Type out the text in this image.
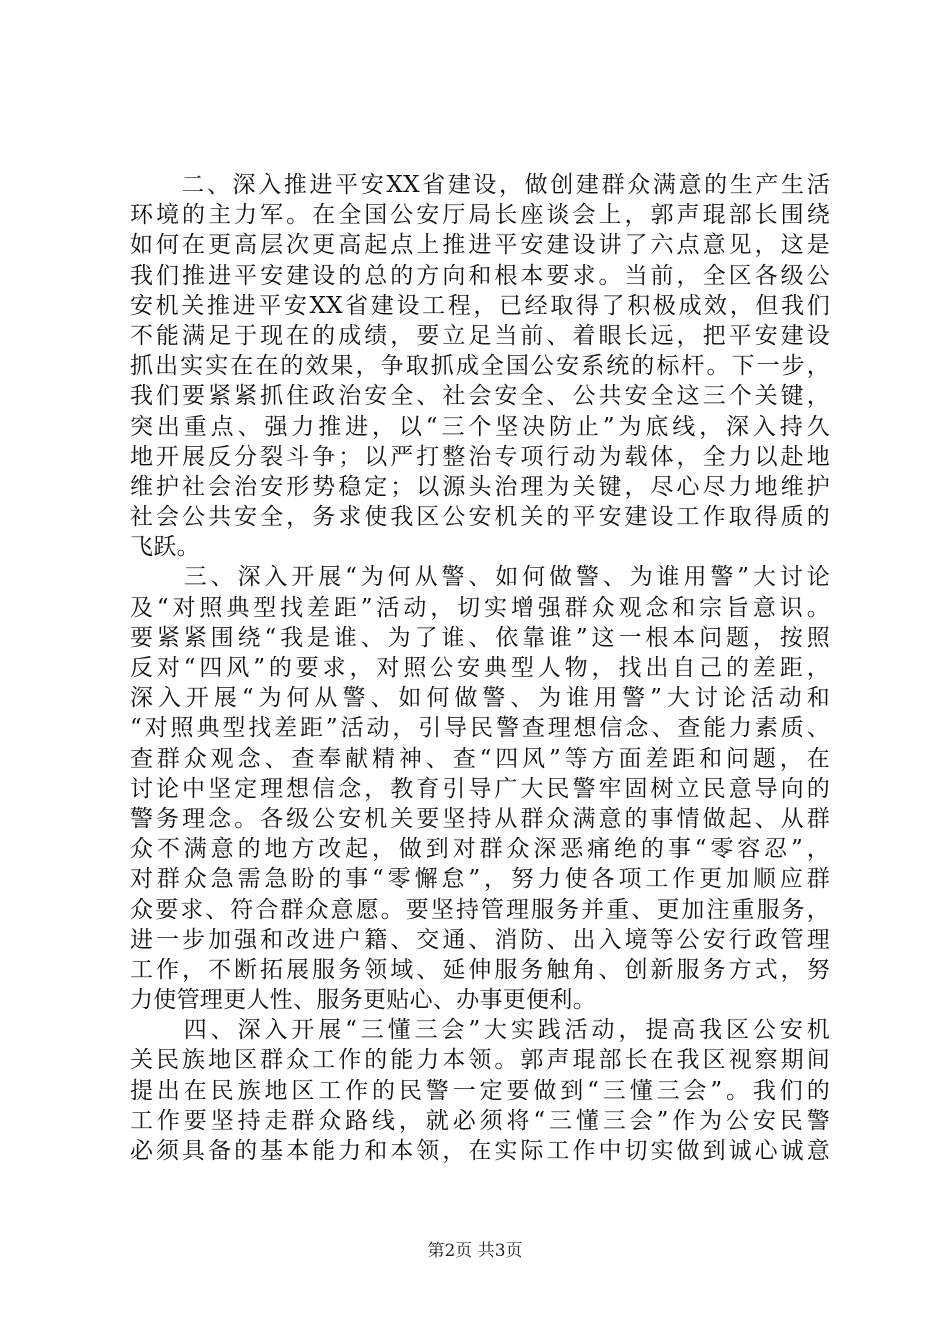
　　二、深入推进平安XX省建设，做创建群众满意的生产生活
环境的主力军。在全国公安厅局长座谈会上，郭声琨部长围绕
如何在更高层次更高起点上推进平安建设讲了六点意见，这是
我们推进平安建设的总的方向和根本要求。当前，全区各级公
安机关推进平安XX省建设工程，已经取得了积极成效，但我们
不能满足于现在的成绩，要立足当前、着眼长远，把平安建设
抓出实实在在的效果，争取抓成全国公安系统的标杆。下一步，
我们要紧紧抓住政治安全、社会安全、公共安全这三个关键，
突出重点、强力推进，以“三个坚决防止”为底线，深入持久
地开展反分裂斗争；以严打整治专项行动为载体，全力以赴地
维护社会治安形势稳定；以源头治理为关键，尽心尽力地维护
社会公共安全，务求使我区公安机关的平安建设工作取得质的
飞跃。
　　三、深入开展“为何从警、如何做警、为谁用警”大讨论
及“对照典型找差距”活动，切实增强群众观念和宗旨意识。
要紧紧围绕“我是谁、为了谁、依靠谁”这一根本问题，按照
反对“四风”的要求，对照公安典型人物，找出自己的差距，
深入开展“为何从警、如何做警、为谁用警”大讨论活动和
“对照典型找差距”活动，引导民警查理想信念、查能力素质、
查群众观念、查奉献精神、查“四风”等方面差距和问题，在
讨论中坚定理想信念，教育引导广大民警牢固树立民意导向的
警务理念。各级公安机关要坚持从群众满意的事情做起、从群
众不满意的地方改起，做到对群众深恶痛绝的事“零容忍”，
对群众急需急盼的事“零懈怠”，努力使各项工作更加顺应群
众要求、符合群众意愿。要坚持管理服务并重、更加注重服务，
进一步加强和改进户籍、交通、消防、出入境等公安行政管理
工作，不断拓展服务领域、延伸服务触角、创新服务方式，努
力使管理更人性、服务更贴心、办事更便利。
　　四、深入开展“三懂三会”大实践活动，提高我区公安机
关民族地区群众工作的能力本领。郭声琨部长在我区视察期间
提出在民族地区工作的民警一定要做到“三懂三会”。我们的
工作要坚持走群众路线，就必须将“三懂三会”作为公安民警
必须具备的基本能力和本领，在实际工作中切实做到诚心诚意
第2页 共3页
